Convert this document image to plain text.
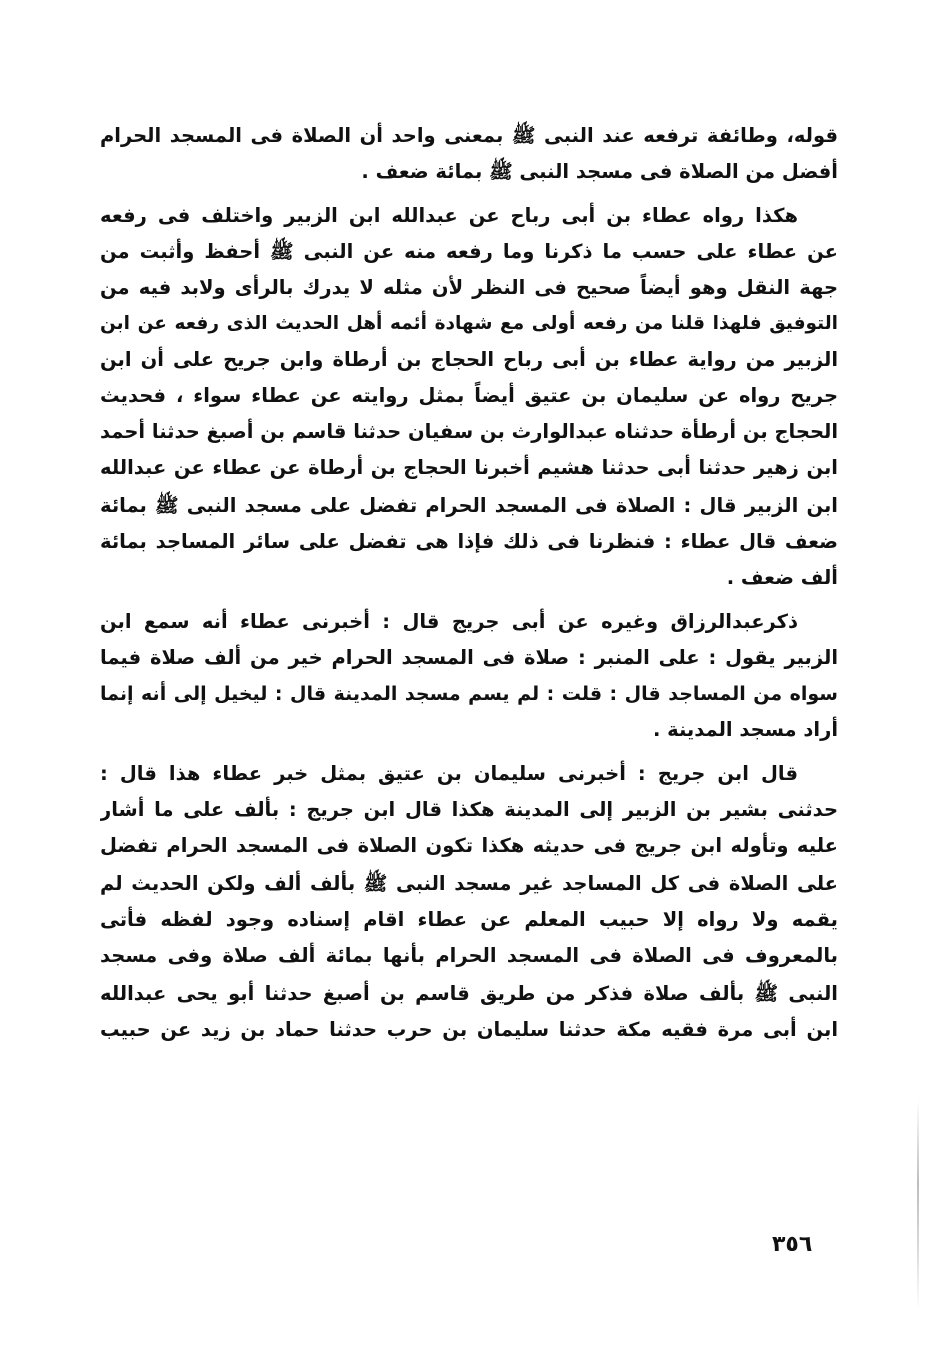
قوله، وطائفة ترفعه عند النبى ﷺ بمعنى واحد أن الصلاة فى المسجد الحرام
أفضل من الصلاة فى مسجد النبى ﷺ بمائة ضعف .
هكذا رواه عطاء بن أبى رباح عن عبدالله ابن الزبير واختلف فى رفعه
عن عطاء على حسب ما ذكرنا وما رفعه منه عن النبى ﷺ أحفظ وأثبت من
جهة النقل وهو أيضاً صحيح فى النظر لأن مثله لا يدرك بالرأى ولابد فيه من
التوفيق فلهذا قلنا من رفعه أولى مع شهادة أئمه أهل الحديث الذى رفعه عن ابن
الزبير من رواية عطاء بن أبى رباح الحجاج بن أرطاة وابن جريح على أن ابن
جريح رواه عن سليمان بن عتيق أيضاً بمثل روايته عن عطاء سواء ، فحديث
الحجاج بن أرطأة حدثناه عبدالوارث بن سفيان حدثنا قاسم بن أصبغ حدثنا أحمد
ابن زهير حدثنا أبى حدثنا هشيم أخبرنا الحجاج بن أرطاة عن عطاء عن عبدالله
ابن الزبير قال : الصلاة فى المسجد الحرام تفضل على مسجد النبى ﷺ بمائة
ضعف قال عطاء : فنظرنا فى ذلك فإذا هى تفضل على سائر المساجد بمائة
ألف ضعف .
ذكرعبدالرزاق وغيره عن أبى جريج قال : أخبرنى عطاء أنه سمع ابن
الزبير يقول : على المنبر : صلاة فى المسجد الحرام خير من ألف صلاة فيما
سواه من المساجد قال : قلت : لم يسم مسجد المدينة قال : ليخيل إلى أنه إنما
أراد مسجد المدينة .
قال ابن جريج : أخبرنى سليمان بن عتيق بمثل خبر عطاء هذا قال :
حدثنى بشير بن الزبير إلى المدينة هكذا قال ابن جريج : بألف على ما أشار
عليه وتأوله ابن جريج فى حديثه هكذا تكون الصلاة فى المسجد الحرام تفضل
على الصلاة فى كل المساجد غير مسجد النبى ﷺ بألف ألف ولكن الحديث لم
يقمه ولا رواه إلا حبيب المعلم عن عطاء اقام إسناده وجود لفظه فأتى
بالمعروف فى الصلاة فى المسجد الحرام بأنها بمائة ألف صلاة وفى مسجد
النبى ﷺ بألف صلاة فذكر من طريق قاسم بن أصبغ حدثنا أبو يحى عبدالله
ابن أبى مرة فقيه مكة حدثنا سليمان بن حرب حدثنا حماد بن زيد عن حبيب
٣٥٦
